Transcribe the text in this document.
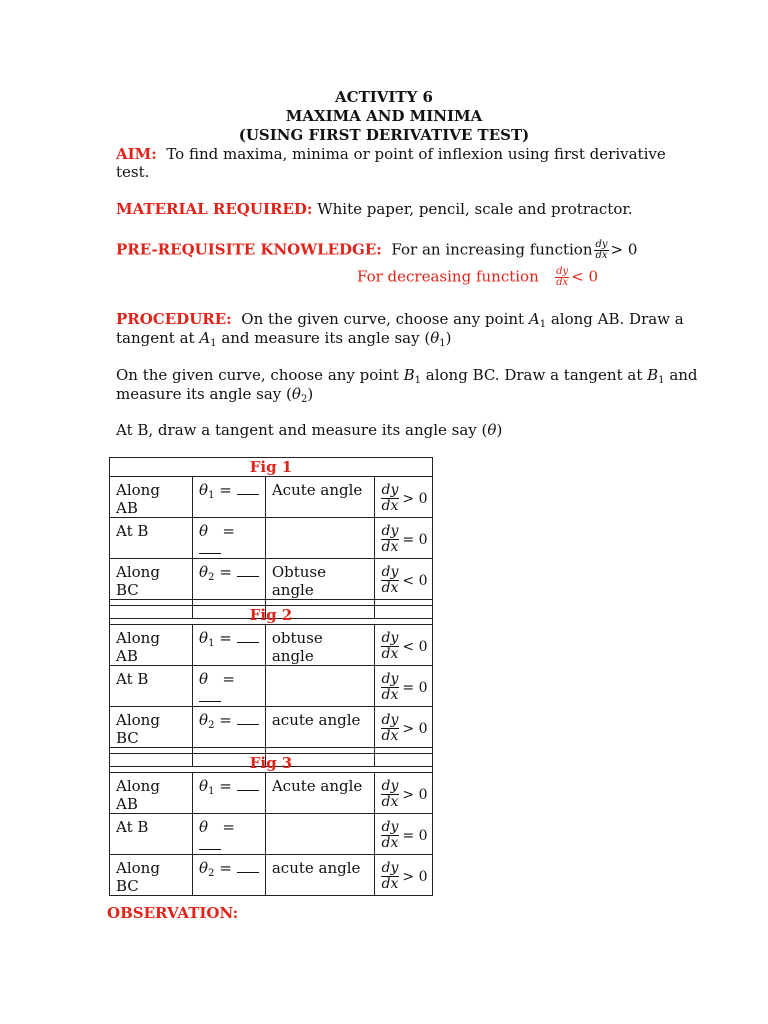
ACTIVITY 6
MAXIMA AND MINIMA
(USING FIRST DERIVATIVE TEST)
AIM: To find maxima, minima or point of inflexion using first derivative
test.
MATERIAL REQUIRED: White paper, pencil, scale and protractor.
PRE-REQUISITE KNOWLEDGE: For an increasing function $\frac{dy}{dx} > 0$
For decreasing function $\frac{dy}{dx} < 0$
PROCEDURE: On the given curve, choose any point $A_1$ along AB. Draw a
tangent at $A_1$ and measure its angle say $(\theta_1)$
On the given curve, choose any point $B_1$ along BC. Draw a tangent at $B_1$ and
measure its angle say $(\theta_2)$
At B, draw a tangent and measure its angle say (θ)
Fig 1			
Along AB	$\theta_1$ =	Acute angle	dy
dx > 0

At B	θ =		$\frac{dy}{dx} = 0$

Along BC	$\theta_2$ =	Obtuse angle	dy
dx < 0

Fig 2			
Along AB	$\theta_1$ =	obtuse angle	dy
dx < 0

At B	θ =		$\frac{dy}{dx} = 0$

Along BC	$\theta_2$ =	acute angle	dy
dx > 0

Fig 3			
Along AB	$\theta_1$ =	Acute angle	dy
dx > 0

At B	θ =		$\frac{dy}{dx} = 0$

Along BC	$\theta_2$ =	acute angle	dy
dx > 0
OBSERVATION:
